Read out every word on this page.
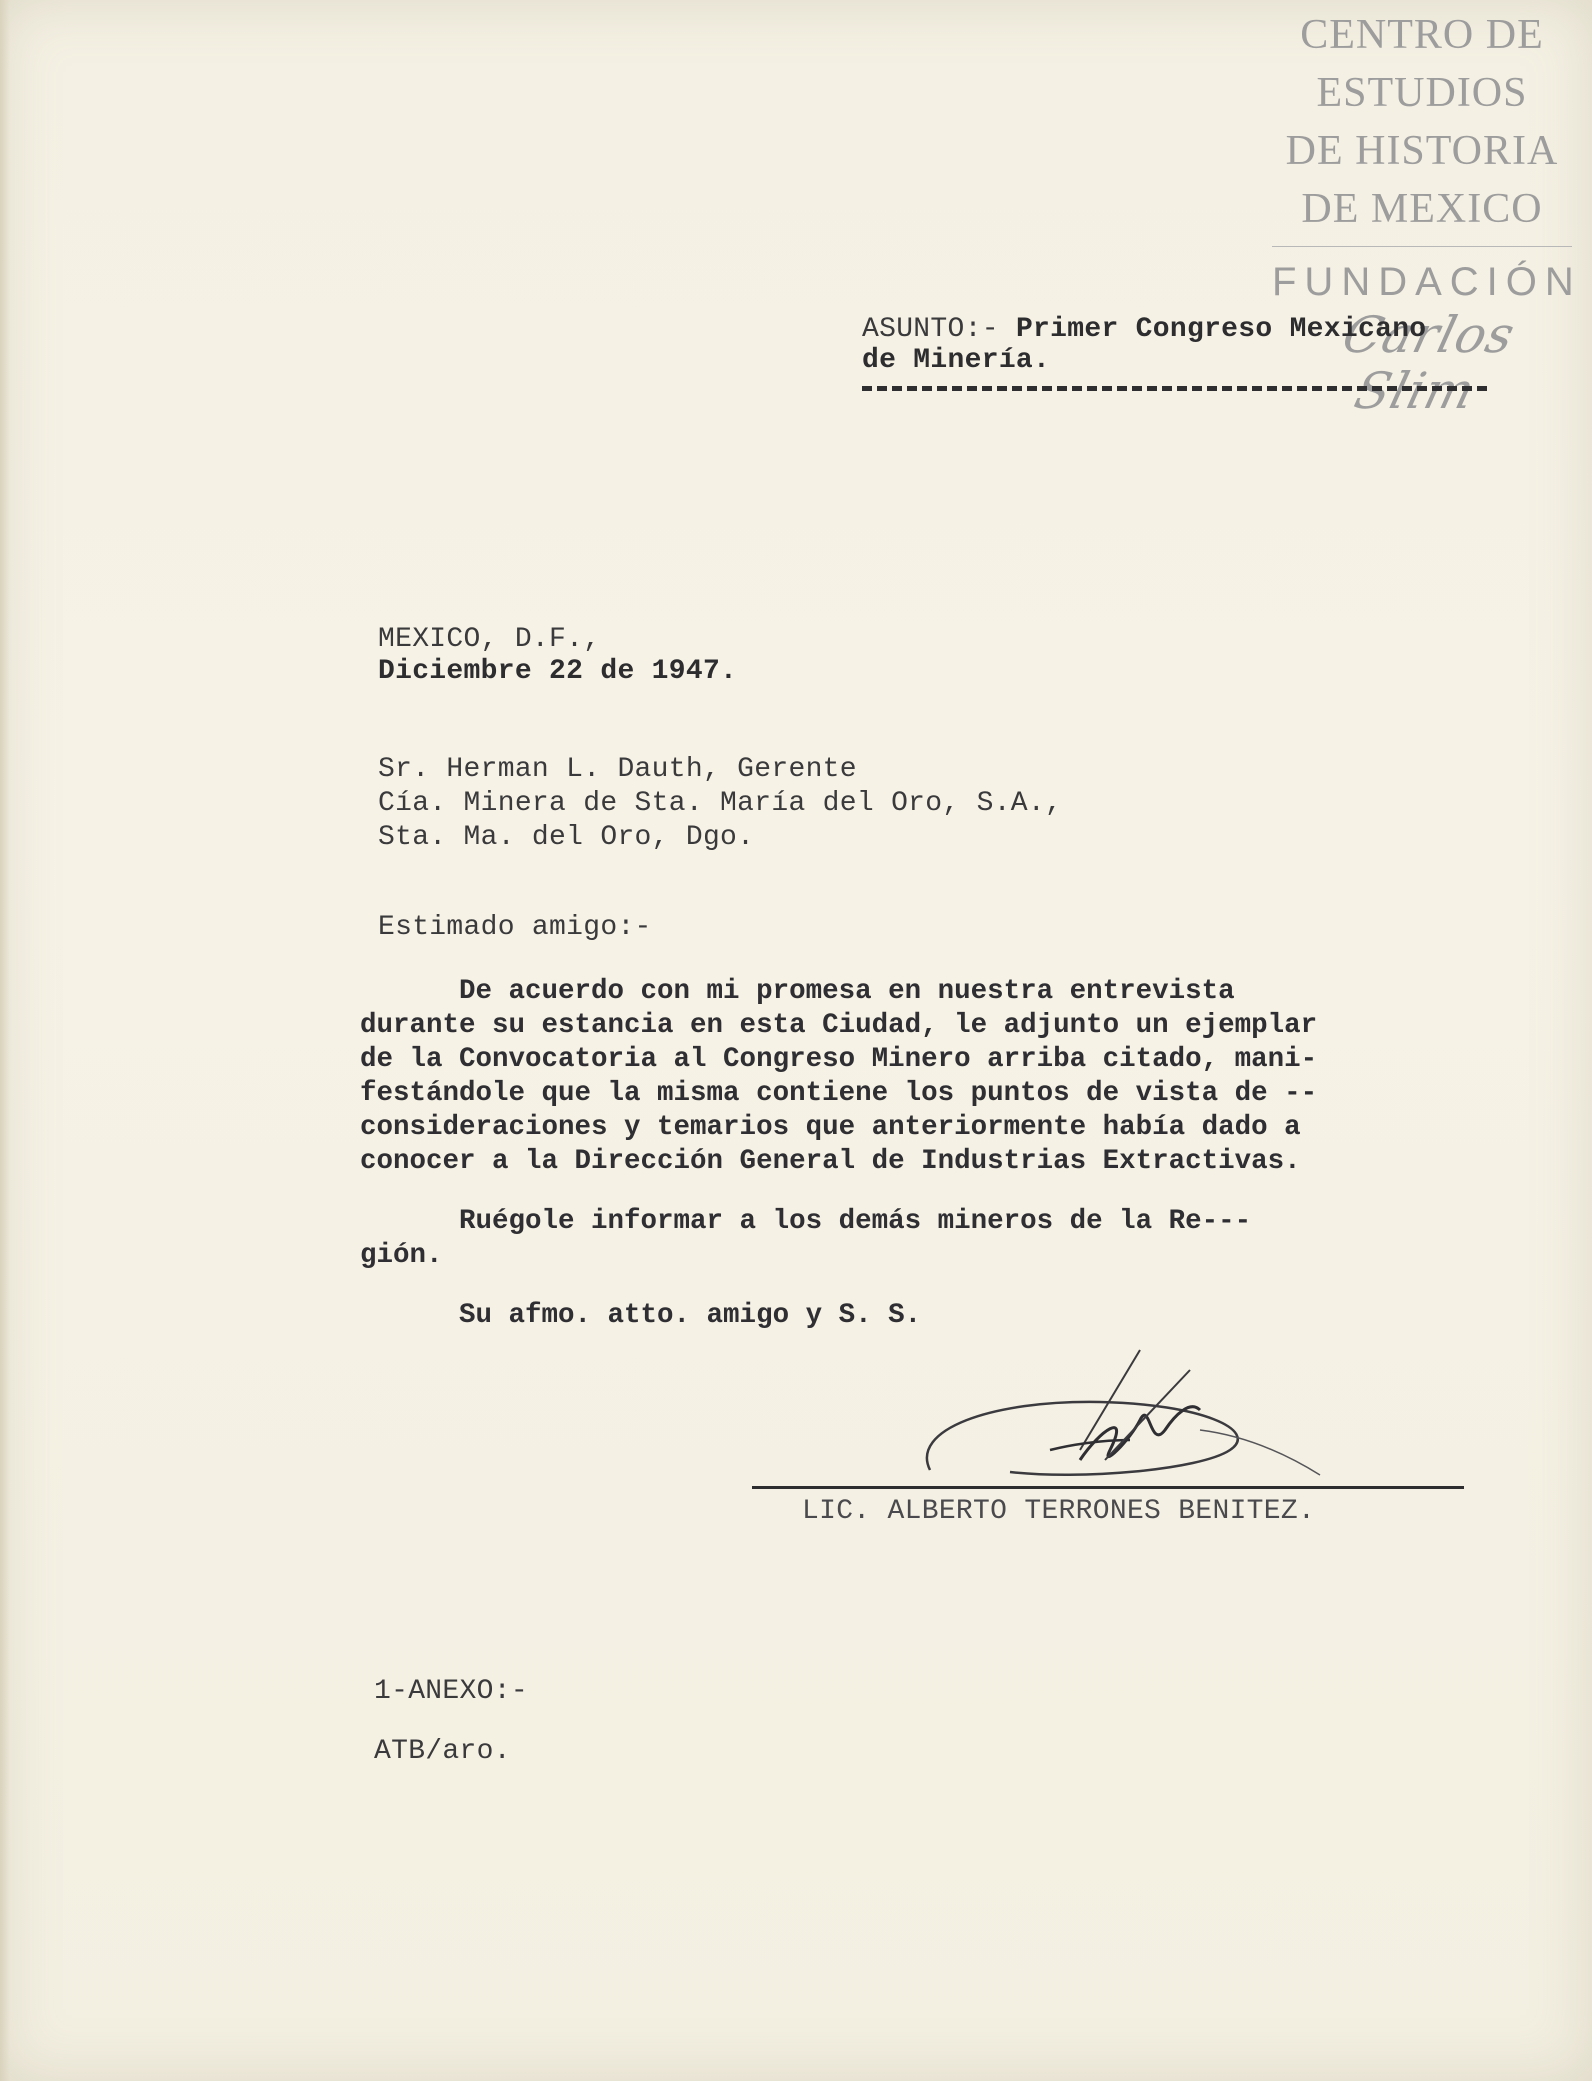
CENTRO DE
ESTUDIOS
DE HISTORIA
DE MEXICO
FUNDACIÓN
Carlos Slim
ASUNTO:- Primer Congreso Mexicano
de Minería.
MEXICO, D.F.,
Diciembre 22 de 1947.
Sr. Herman L. Dauth, Gerente
Cía. Minera de Sta. María del Oro, S.A.,
Sta. Ma. del Oro, Dgo.
Estimado amigo:-
De acuerdo con mi promesa en nuestra entrevista
durante su estancia en esta Ciudad, le adjunto un ejemplar
de la Convocatoria al Congreso Minero arriba citado, mani-
festándole que la misma contiene los puntos de vista de --
consideraciones y temarios que anteriormente había dado a
conocer a la Dirección General de Industrias Extractivas.
Ruégole informar a los demás mineros de la Re---
gión.
Su afmo. atto. amigo y S. S.
LIC. ALBERTO TERRONES BENITEZ.
1-ANEXO:-
ATB/aro.
